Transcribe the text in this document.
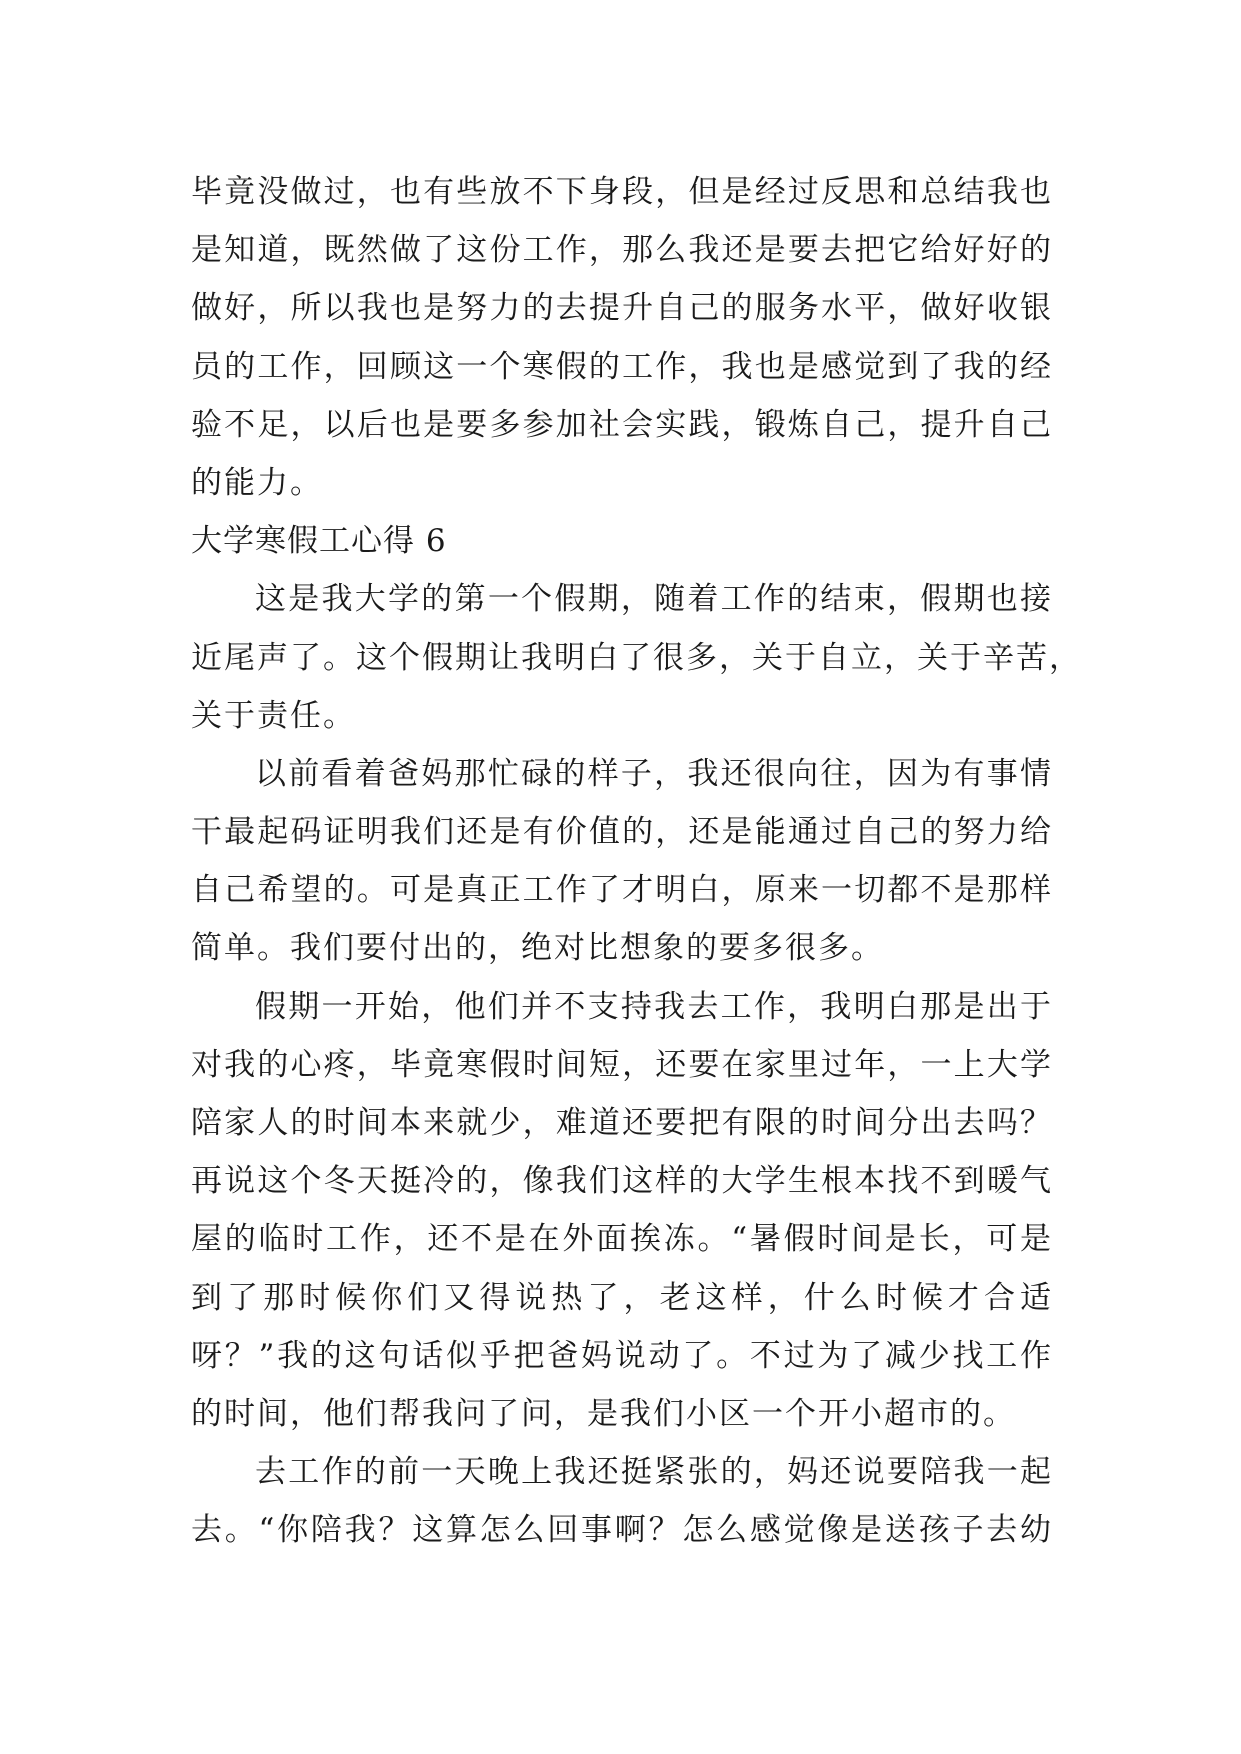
毕竟没做过，也有些放不下身段，但是经过反思和总结我也
是知道，既然做了这份工作，那么我还是要去把它给好好的
做好，所以我也是努力的去提升自己的服务水平，做好收银
员的工作，回顾这一个寒假的工作，我也是感觉到了我的经
验不足，以后也是要多参加社会实践，锻炼自己，提升自己
的能力。
大学寒假工心得 6
这是我大学的第一个假期，随着工作的结束，假期也接
近尾声了。这个假期让我明白了很多，关于自立，关于辛苦，
关于责任。
以前看着爸妈那忙碌的样子，我还很向往，因为有事情
干最起码证明我们还是有价值的，还是能通过自己的努力给
自己希望的。可是真正工作了才明白，原来一切都不是那样
简单。我们要付出的，绝对比想象的要多很多。
假期一开始，他们并不支持我去工作，我明白那是出于
对我的心疼，毕竟寒假时间短，还要在家里过年，一上大学
陪家人的时间本来就少，难道还要把有限的时间分出去吗？
再说这个冬天挺冷的，像我们这样的大学生根本找不到暖气
屋的临时工作，还不是在外面挨冻。“暑假时间是长，可是
到了那时候你们又得说热了，老这样，什么时候才合适
呀？”我的这句话似乎把爸妈说动了。不过为了减少找工作
的时间，他们帮我问了问，是我们小区一个开小超市的。
去工作的前一天晚上我还挺紧张的，妈还说要陪我一起
去。“你陪我？这算怎么回事啊？怎么感觉像是送孩子去幼
